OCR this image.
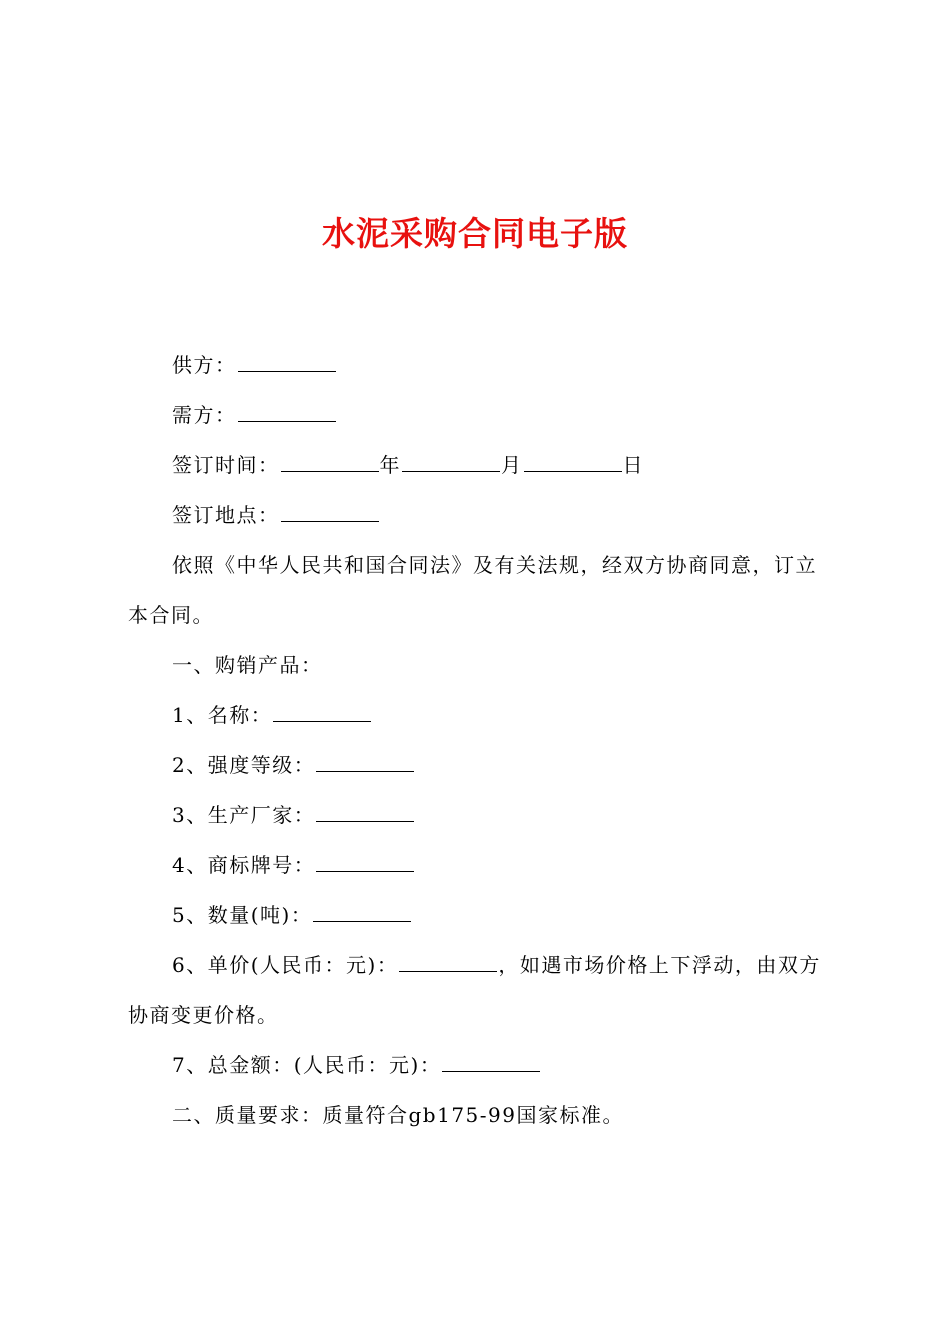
水泥采购合同电子版

供方：

需方：

签订时间：	年	月	日

签订地点：

依照《中华人民共和国合同法》及有关法规，经双方协商同意，订立本合同。

一、购销产品：

1、名称：

2、强度等级：

3、生产厂家：

4、商标牌号：

5、数量(吨)：

6、单价(人民币：元)：	，如遇市场价格上下浮动，由双方协商变更价格。

7、总金额：(人民币：元)：

二、质量要求：质量符合gb175-99国家标准。
